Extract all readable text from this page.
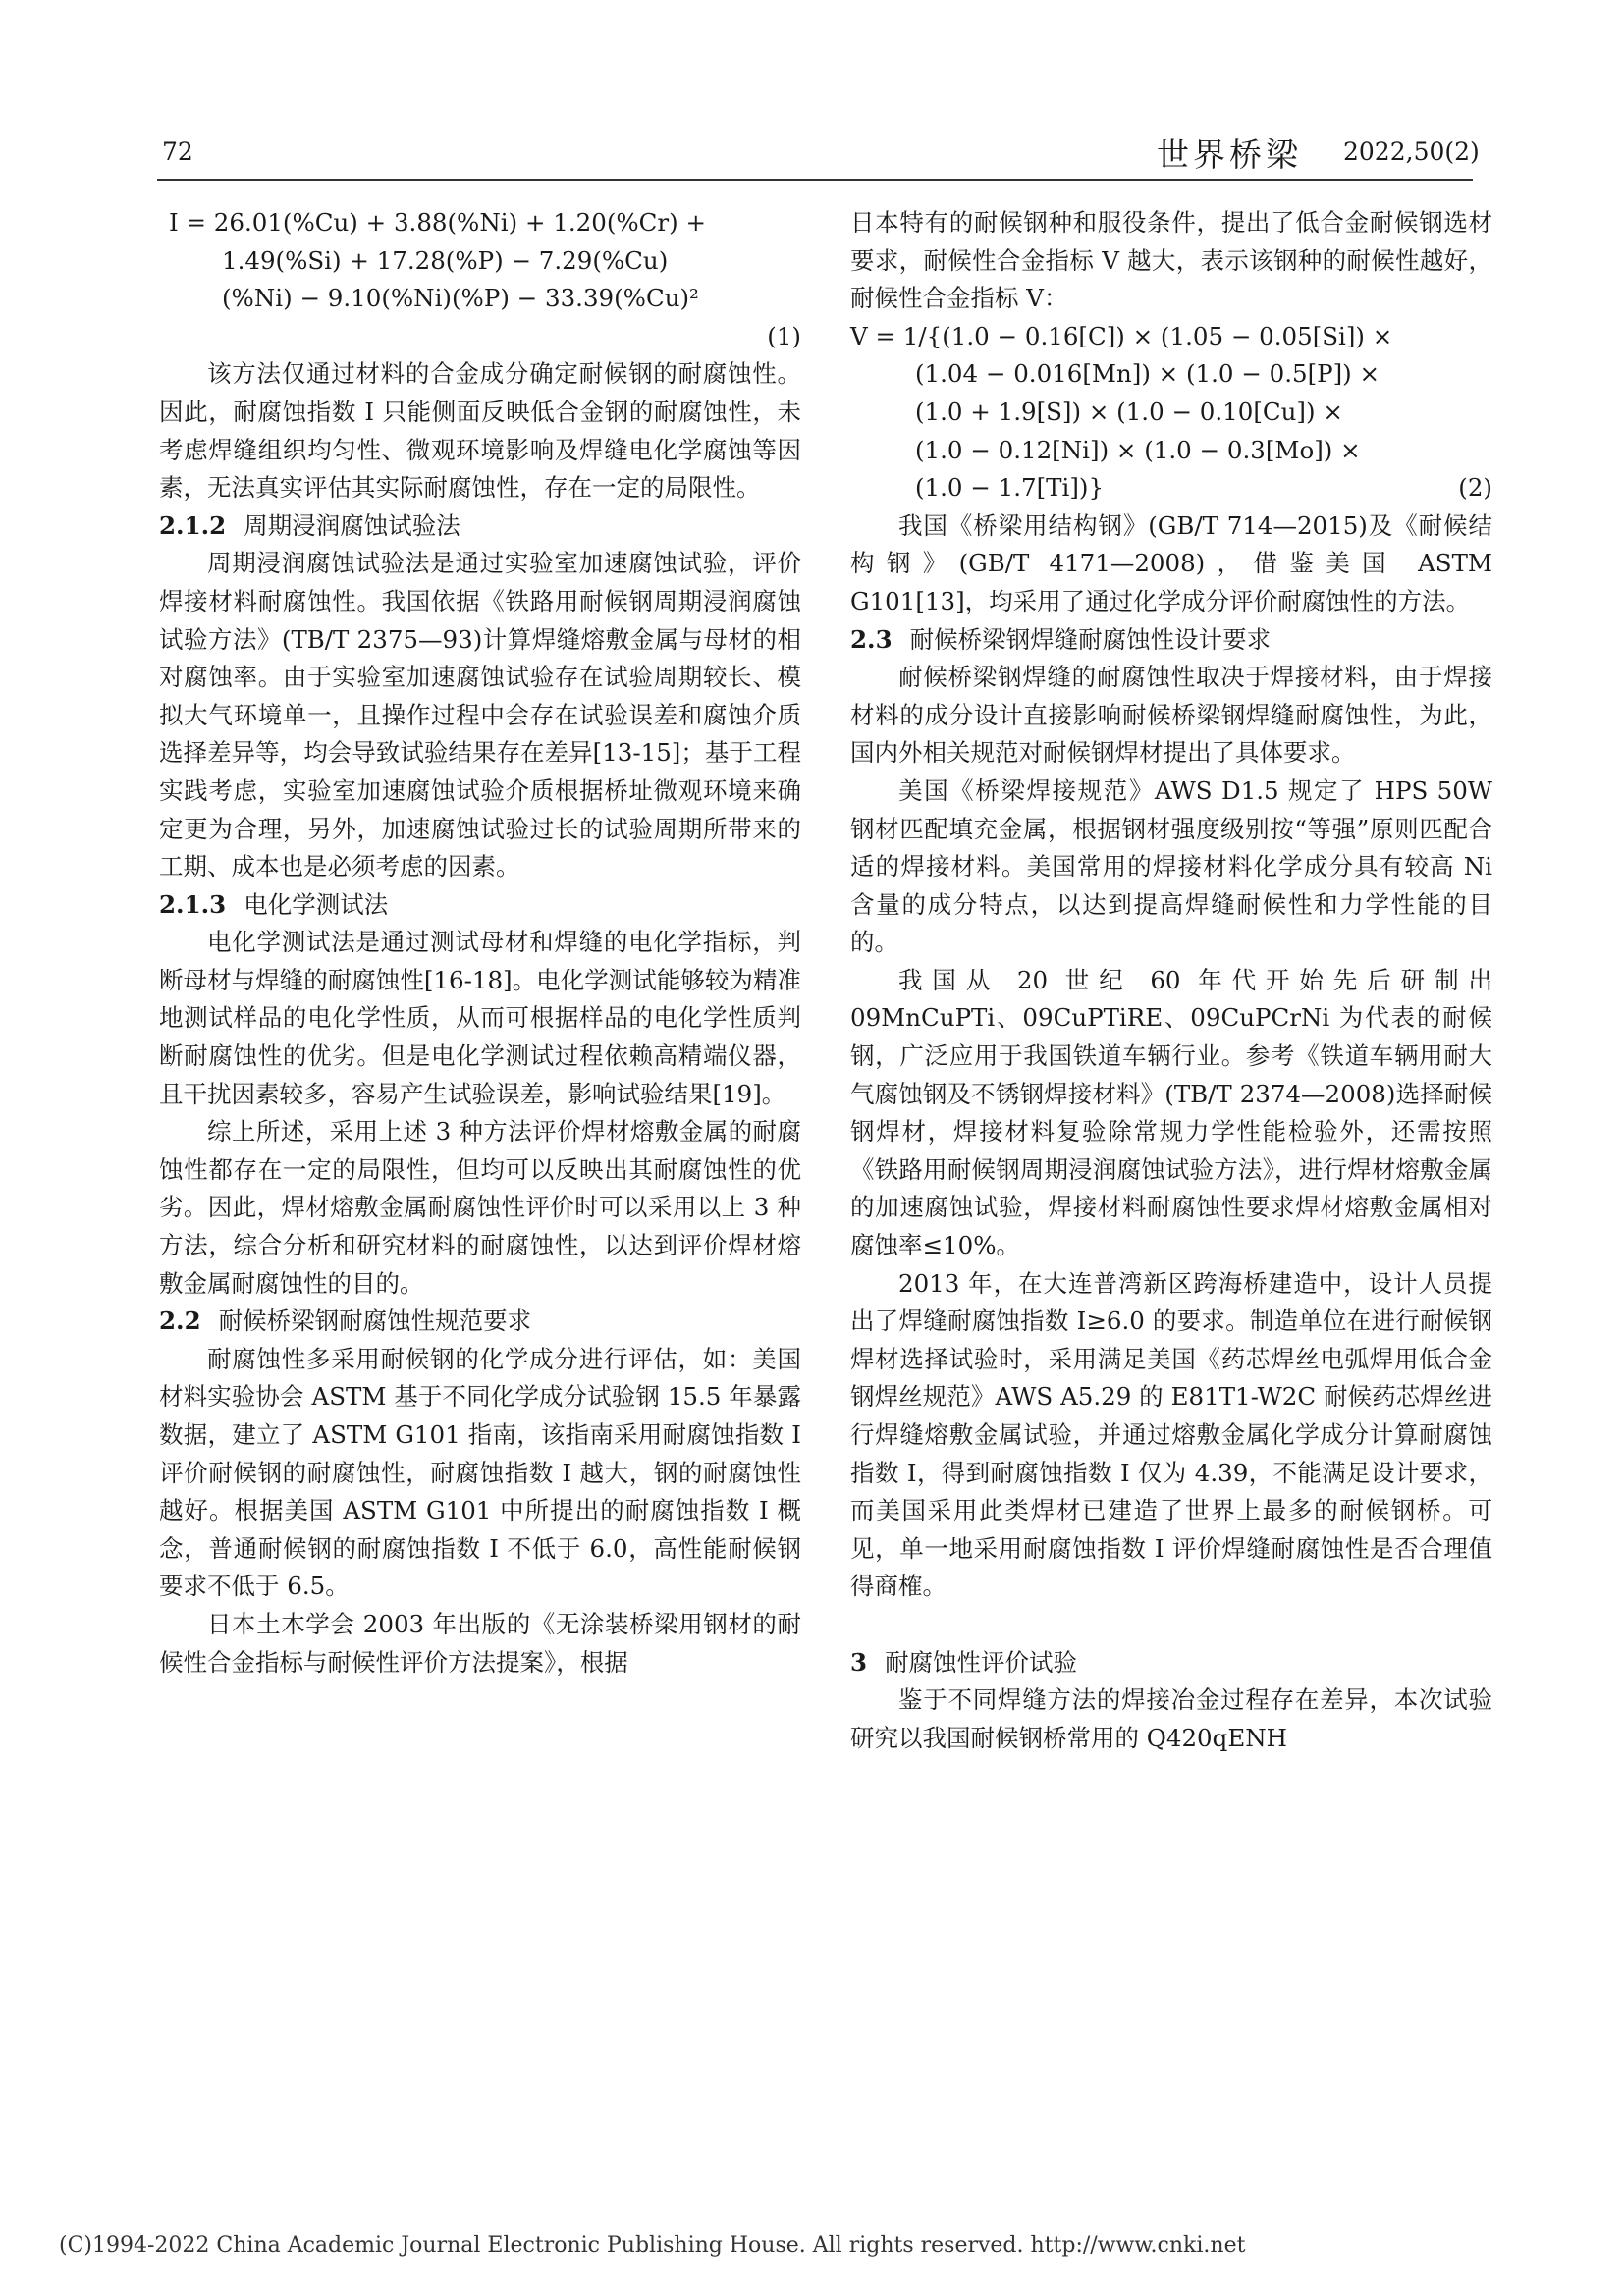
72	世界桥梁 2022,50(2)
I = 26.01(%Cu) + 3.88(%Ni) + 1.20(%Cr) +
1.49(%Si) + 17.28(%P) − 7.29(%Cu)
(%Ni) − 9.10(%Ni)(%P) − 33.39(%Cu)²
(1)

该方法仅通过材料的合金成分确定耐候钢的耐腐蚀性。因此，耐腐蚀指数 I 只能侧面反映低合金钢的耐腐蚀性，未考虑焊缝组织均匀性、微观环境影响及焊缝电化学腐蚀等因素，无法真实评估其实际耐腐蚀性，存在一定的局限性。

2.1.2 周期浸润腐蚀试验法

周期浸润腐蚀试验法是通过实验室加速腐蚀试验，评价焊接材料耐腐蚀性。我国依据《铁路用耐候钢周期浸润腐蚀试验方法》(TB/T 2375—93)计算焊缝熔敷金属与母材的相对腐蚀率。由于实验室加速腐蚀试验存在试验周期较长、模拟大气环境单一，且操作过程中会存在试验误差和腐蚀介质选择差异等，均会导致试验结果存在差异[13-15]；基于工程实践考虑，实验室加速腐蚀试验介质根据桥址微观环境来确定更为合理，另外，加速腐蚀试验过长的试验周期所带来的工期、成本也是必须考虑的因素。

2.1.3 电化学测试法

电化学测试法是通过测试母材和焊缝的电化学指标，判断母材与焊缝的耐腐蚀性[16-18]。电化学测试能够较为精准地测试样品的电化学性质，从而可根据样品的电化学性质判断耐腐蚀性的优劣。但是电化学测试过程依赖高精端仪器，且干扰因素较多，容易产生试验误差，影响试验结果[19]。

综上所述，采用上述 3 种方法评价焊材熔敷金属的耐腐蚀性都存在一定的局限性，但均可以反映出其耐腐蚀性的优劣。因此，焊材熔敷金属耐腐蚀性评价时可以采用以上 3 种方法，综合分析和研究材料的耐腐蚀性，以达到评价焊材熔敷金属耐腐蚀性的目的。

2.2 耐候桥梁钢耐腐蚀性规范要求

耐腐蚀性多采用耐候钢的化学成分进行评估，如：美国材料实验协会 ASTM 基于不同化学成分试验钢 15.5 年暴露数据，建立了 ASTM G101 指南，该指南采用耐腐蚀指数 I 评价耐候钢的耐腐蚀性，耐腐蚀指数 I 越大，钢的耐腐蚀性越好。根据美国 ASTM G101 中所提出的耐腐蚀指数 I 概念，普通耐候钢的耐腐蚀指数 I 不低于 6.0，高性能耐候钢要求不低于 6.5。

日本土木学会 2003 年出版的《无涂装桥梁用钢材的耐候性合金指标与耐候性评价方法提案》，根据

日本特有的耐候钢种和服役条件，提出了低合金耐候钢选材要求，耐候性合金指标 V 越大，表示该钢种的耐候性越好，耐候性合金指标 V：

V = 1/{(1.0 − 0.16[C]) × (1.05 − 0.05[Si]) ×
(1.04 − 0.016[Mn]) × (1.0 − 0.5[P]) ×
(1.0 + 1.9[S]) × (1.0 − 0.10[Cu]) ×
(1.0 − 0.12[Ni]) × (1.0 − 0.3[Mo]) ×
(1.0 − 1.7[Ti])}	(2)

我国《桥梁用结构钢》(GB/T 714—2015)及《耐候结构钢》(GB/T 4171—2008)，借鉴美国 ASTM G101[13]，均采用了通过化学成分评价耐腐蚀性的方法。

2.3 耐候桥梁钢焊缝耐腐蚀性设计要求

耐候桥梁钢焊缝的耐腐蚀性取决于焊接材料，由于焊接材料的成分设计直接影响耐候桥梁钢焊缝耐腐蚀性，为此，国内外相关规范对耐候钢焊材提出了具体要求。

美国《桥梁焊接规范》AWS D1.5 规定了 HPS 50W 钢材匹配填充金属，根据钢材强度级别按“等强”原则匹配合适的焊接材料。美国常用的焊接材料化学成分具有较高 Ni 含量的成分特点，以达到提高焊缝耐候性和力学性能的目的。

我国从 20 世纪 60 年代开始先后研制出 09MnCuPTi、09CuPTiRE、09CuPCrNi 为代表的耐候钢，广泛应用于我国铁道车辆行业。参考《铁道车辆用耐大气腐蚀钢及不锈钢焊接材料》(TB/T 2374—2008)选择耐候钢焊材，焊接材料复验除常规力学性能检验外，还需按照《铁路用耐候钢周期浸润腐蚀试验方法》，进行焊材熔敷金属的加速腐蚀试验，焊接材料耐腐蚀性要求焊材熔敷金属相对腐蚀率≤10%。

2013 年，在大连普湾新区跨海桥建造中，设计人员提出了焊缝耐腐蚀指数 I≥6.0 的要求。制造单位在进行耐候钢焊材选择试验时，采用满足美国《药芯焊丝电弧焊用低合金钢焊丝规范》AWS A5.29 的 E81T1-W2C 耐候药芯焊丝进行焊缝熔敷金属试验，并通过熔敷金属化学成分计算耐腐蚀指数 I，得到耐腐蚀指数 I 仅为 4.39，不能满足设计要求，而美国采用此类焊材已建造了世界上最多的耐候钢桥。可见，单一地采用耐腐蚀指数 I 评价焊缝耐腐蚀性是否合理值得商榷。

3 耐腐蚀性评价试验

鉴于不同焊缝方法的焊接冶金过程存在差异，本次试验研究以我国耐候钢桥常用的 Q420qENH

(C)1994-2022 China Academic Journal Electronic Publishing House. All rights reserved. http://www.cnki.net
